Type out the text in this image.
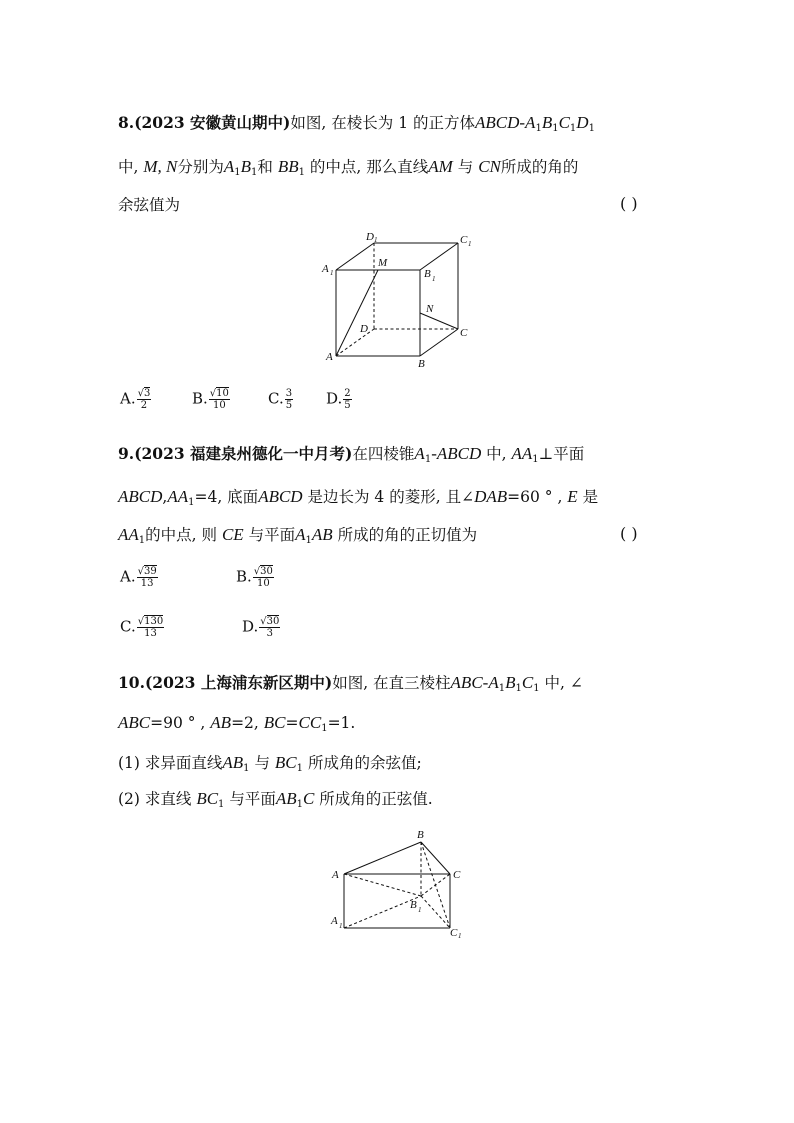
8.(2023 安徽黄山期中)如图, 在棱长为 1 的正方体ABCD-$A_1B_1C_1D_1$
中, M, N分别为$A_1B_1$和 $BB_1$ 的中点, 那么直线AM 与 CN所成的角的
余弦值为	( )
D 1	C 1
A 1
M
B 1
N
D	C
A
B
A. $\frac{√3}{2}$	B. $\frac{√10}{10}$	C. $\frac{3}{5} D$. $\frac{2}{5}$
9.(2023 福建泉州德化一中月考)在四棱锥$A_1$-ABCD 中, $AA_1\perp$平面
$ABCD,AA_1=4$, 底面ABCD 是边长为 4 的菱形, 且∠DAB=60 ° , E 是
$AA_1$的中点, 则 CE 与平面$A_1AB$ 所成的角的正切值为	( )
A. $\frac{√39}{13}$	B. $\frac{√30}{10}$
C. $\frac{√130}{13}$	D. $\frac{√30}{3}$
10.(2023 上海浦东新区期中)如图, 在直三棱柱ABC-$A_1B_1C_1$ 中, ∠
ABC=90 ° , AB=2, $BC=CC_1=1$.
(1) 求异面直线$AB_1$ 与 $BC_1$ 所成角的余弦值;
(2) 求直线 $BC_1$ 与平面$AB_1C$ 所成角的正弦值.
B
A	C
B 1
A 1
C 1
